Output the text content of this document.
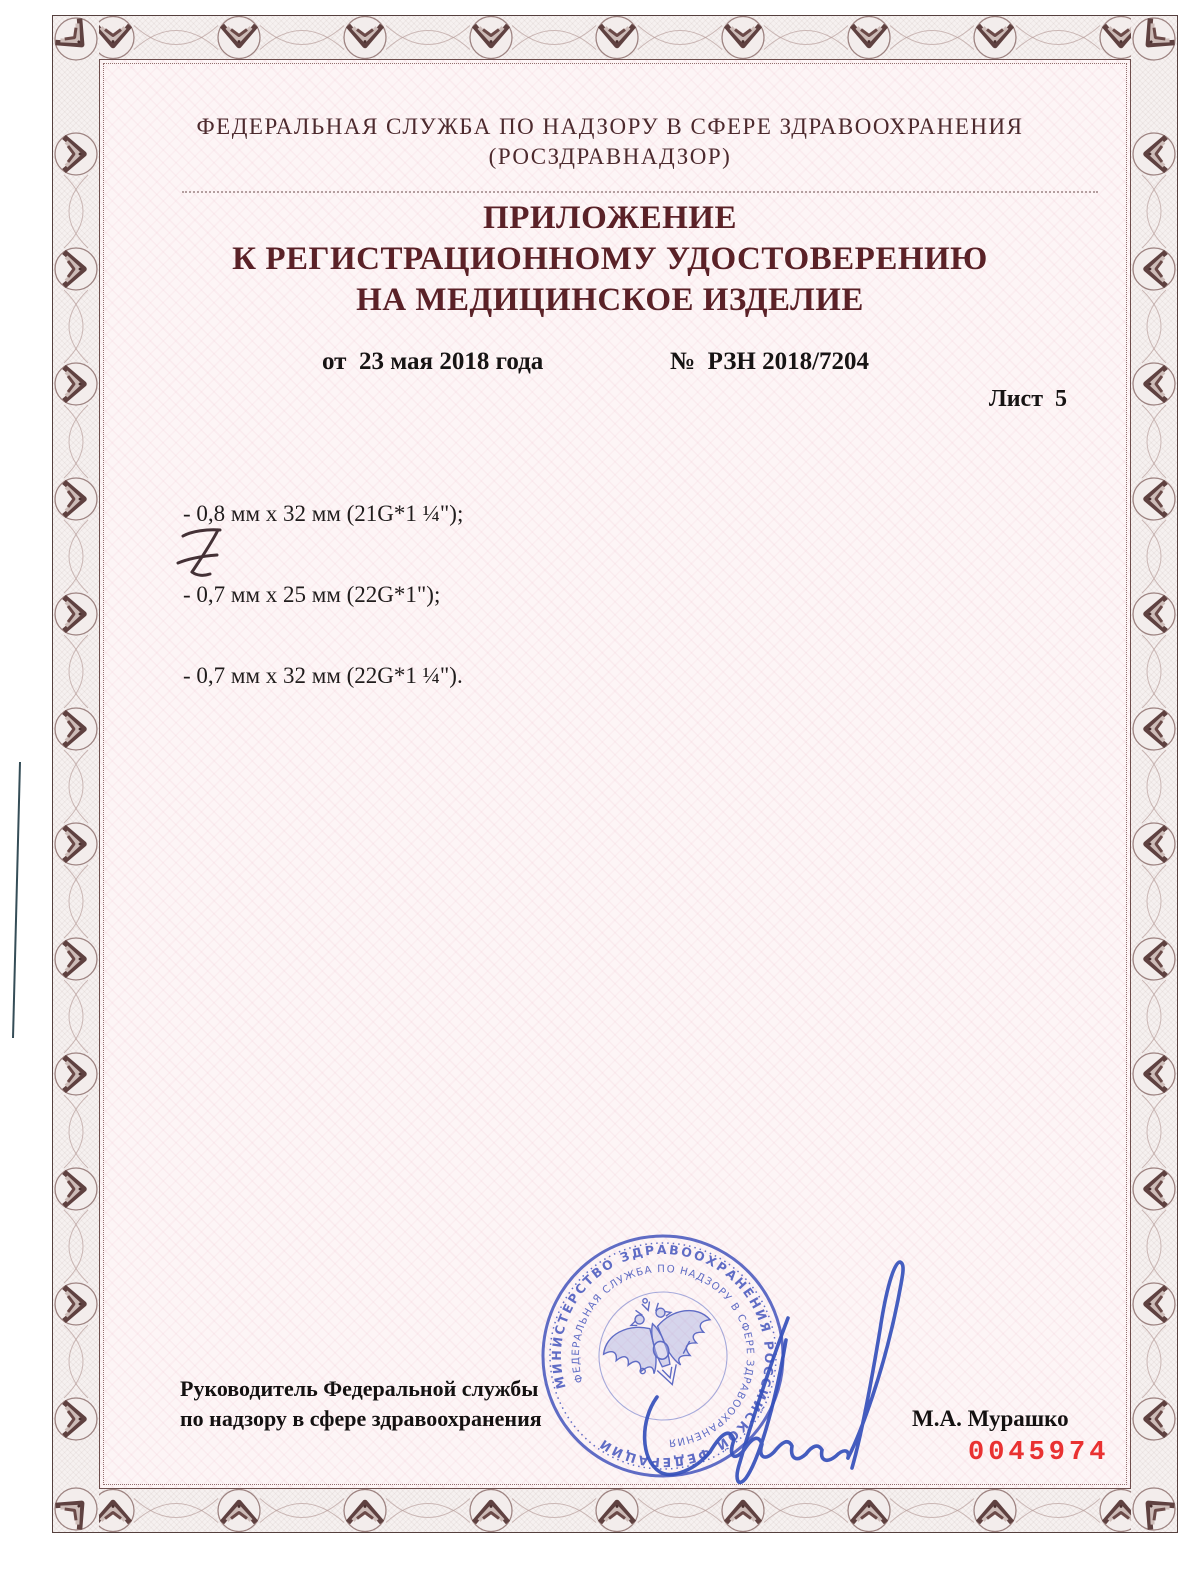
ФЕДЕРАЛЬНАЯ СЛУЖБА ПО НАДЗОРУ В СФЕРЕ ЗДРАВООХРАНЕНИЯ
(РОСЗДРАВНАДЗОР)
ПРИЛОЖЕНИЕ
К РЕГИСТРАЦИОННОМУ УДОСТОВЕРЕНИЮ
НА МЕДИЦИНСКОЕ ИЗДЕЛИЕ
от  23 мая 2018 года	№  РЗН 2018/7204
Лист  5

- 0,8 мм х 32 мм (21G*1 ¼");

- 0,7 мм х 25 мм (22G*1");

- 0,7 мм х 32 мм (22G*1 ¼").

Руководитель Федеральной службы
по надзору в сфере здравоохранения	М.А. Мурашко
0045974
МИНИСТЕРСТВО ЗДРАВООХРАНЕНИЯ РОССИЙСКОЙ ФЕДЕРАЦИИ
ФЕДЕРАЛЬНАЯ СЛУЖБА ПО НАДЗОРУ В СФЕРЕ ЗДРАВООХРАНЕНИЯ
